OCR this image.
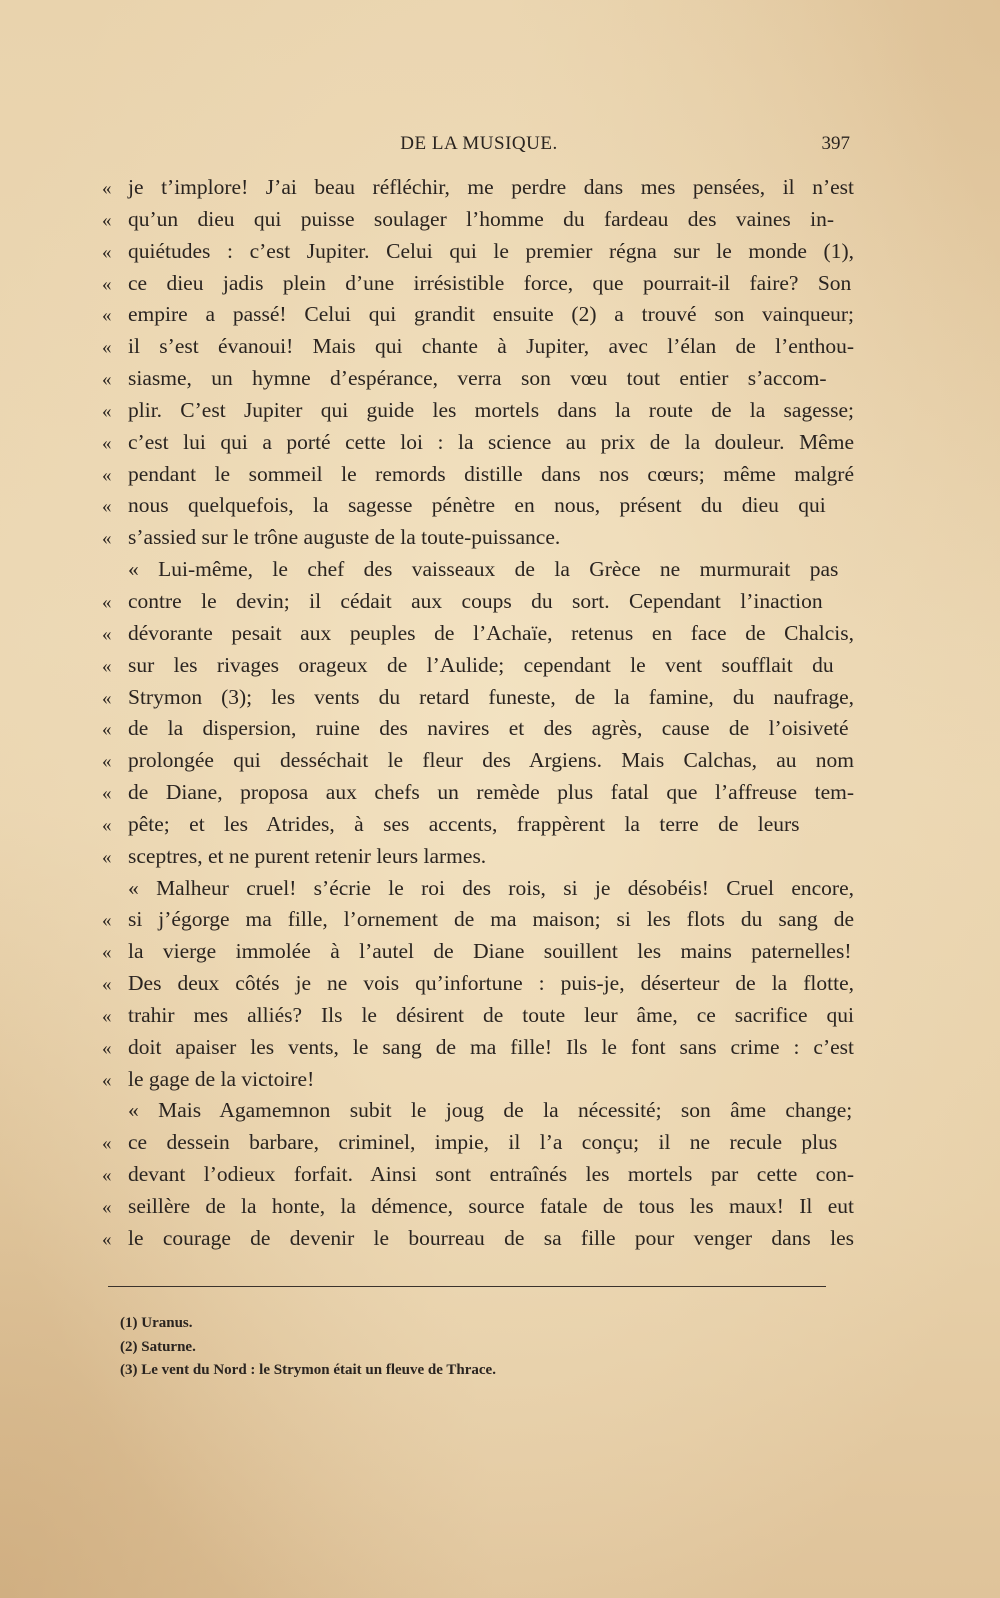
DE LA MUSIQUE.	397
« je t’implore! J’ai beau réfléchir, me perdre dans mes pensées, il n’est
« qu’un dieu qui puisse soulager l’homme du fardeau des vaines in-
« quiétudes : c’est Jupiter. Celui qui le premier régna sur le monde (1),
« ce dieu jadis plein d’une irrésistible force, que pourrait-il faire? Son
« empire a passé! Celui qui grandit ensuite (2) a trouvé son vainqueur;
« il s’est évanoui! Mais qui chante à Jupiter, avec l’élan de l’enthou-
« siasme, un hymne d’espérance, verra son vœu tout entier s’accom-
« plir. C’est Jupiter qui guide les mortels dans la route de la sagesse;
« c’est lui qui a porté cette loi : la science au prix de la douleur. Même
« pendant le sommeil le remords distille dans nos cœurs; même malgré
« nous quelquefois, la sagesse pénètre en nous, présent du dieu qui
« s’assied sur le trône auguste de la toute-puissance.
« Lui-même, le chef des vaisseaux de la Grèce ne murmurait pas
« contre le devin; il cédait aux coups du sort. Cependant l’inaction
« dévorante pesait aux peuples de l’Achaïe, retenus en face de Chalcis,
« sur les rivages orageux de l’Aulide; cependant le vent soufflait du
« Strymon (3); les vents du retard funeste, de la famine, du naufrage,
« de la dispersion, ruine des navires et des agrès, cause de l’oisiveté
« prolongée qui desséchait le fleur des Argiens. Mais Calchas, au nom
« de Diane, proposa aux chefs un remède plus fatal que l’affreuse tem-
« pête; et les Atrides, à ses accents, frappèrent la terre de leurs
« sceptres, et ne purent retenir leurs larmes.
« Malheur cruel! s’écrie le roi des rois, si je désobéis! Cruel encore,
« si j’égorge ma fille, l’ornement de ma maison; si les flots du sang de
« la vierge immolée à l’autel de Diane souillent les mains paternelles!
« Des deux côtés je ne vois qu’infortune : puis-je, déserteur de la flotte,
« trahir mes alliés? Ils le désirent de toute leur âme, ce sacrifice qui
« doit apaiser les vents, le sang de ma fille! Ils le font sans crime : c’est
« le gage de la victoire!
« Mais Agamemnon subit le joug de la nécessité; son âme change;
« ce dessein barbare, criminel, impie, il l’a conçu; il ne recule plus
« devant l’odieux forfait. Ainsi sont entraînés les mortels par cette con-
« seillère de la honte, la démence, source fatale de tous les maux! Il eut
« le courage de devenir le bourreau de sa fille pour venger dans les
(1) Uranus.
(2) Saturne.
(3) Le vent du Nord : le Strymon était un fleuve de Thrace.
